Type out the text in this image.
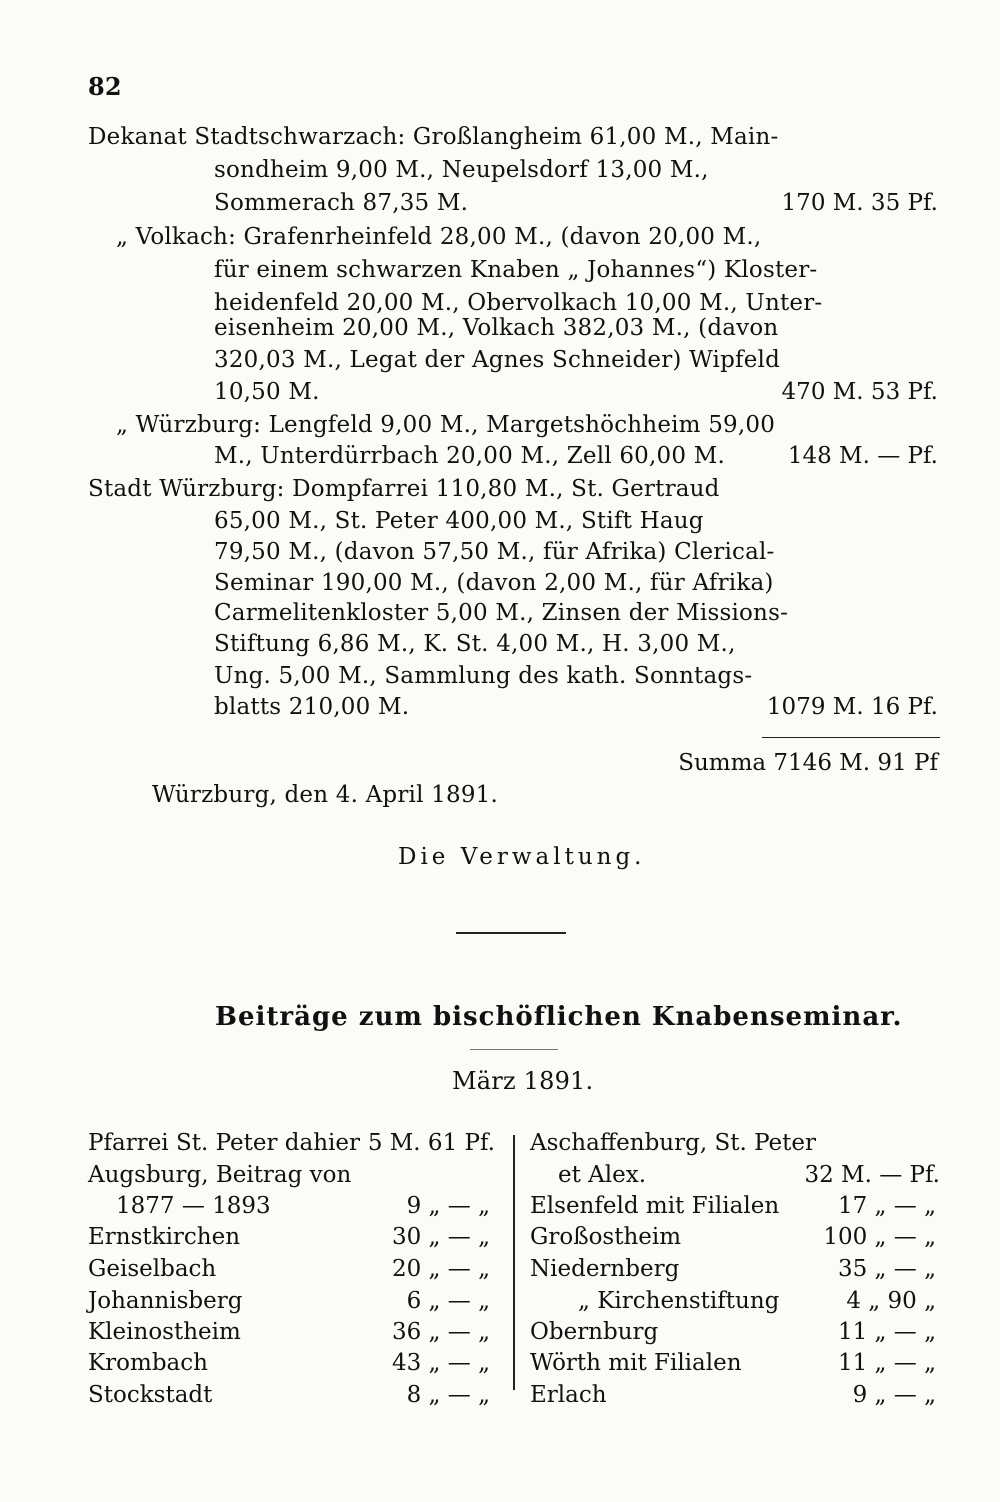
82
Dekanat Stadtschwarzach: Großlangheim 61,00 M., Main-
sondheim 9,00 M., Neupelsdorf 13,00 M.,
Sommerach 87,35 M.	170 M. 35 Pf.
„ Volkach: Grafenrheinfeld 28,00 M., (davon 20,00 M.,
für einem schwarzen Knaben „ Johannes“) Kloster-
heidenfeld 20,00 M., Obervolkach 10,00 M., Unter-
eisenheim 20,00 M., Volkach 382,03 M., (davon
320,03 M., Legat der Agnes Schneider) Wipfeld
10,50 M.	470 M. 53 Pf.
„ Würzburg: Lengfeld 9,00 M., Margetshöchheim 59,00
M., Unterdürrbach 20,00 M., Zell 60,00 M.	148 M. — Pf.
Stadt Würzburg: Dompfarrei 110,80 M., St. Gertraud
65,00 M., St. Peter 400,00 M., Stift Haug
79,50 M., (davon 57,50 M., für Afrika) Clerical-
Seminar 190,00 M., (davon 2,00 M., für Afrika)
Carmelitenkloster 5,00 M., Zinsen der Missions-
Stiftung 6,86 M., K. St. 4,00 M., H. 3,00 M.,
Ung. 5,00 M., Sammlung des kath. Sonntags-
blatts 210,00 M.	1079 M. 16 Pf.
Summa 7146 M. 91 Pf
Würzburg, den 4. April 1891.
Die Verwaltung.
Beiträge zum bischöflichen Knabenseminar.
März 1891.
Pfarrei St. Peter dahier 5 M. 61 Pf.
Augsburg, Beitrag von
1877 — 1893	9 „ — „
Ernstkirchen	30 „ — „
Geiselbach	20 „ — „
Johannisberg	6 „ — „
Kleinostheim	36 „ — „
Krombach	43 „ — „
Stockstadt	8 „ — „
Aschaffenburg, St. Peter
et Alex.	32 M. — Pf.
Elsenfeld mit Filialen	17 „ — „
Großostheim	100 „ — „
Niedernberg	35 „ — „
„ Kirchenstiftung	4 „ 90 „
Obernburg	11 „ — „
Wörth mit Filialen	11 „ — „
Erlach	9 „ — „
